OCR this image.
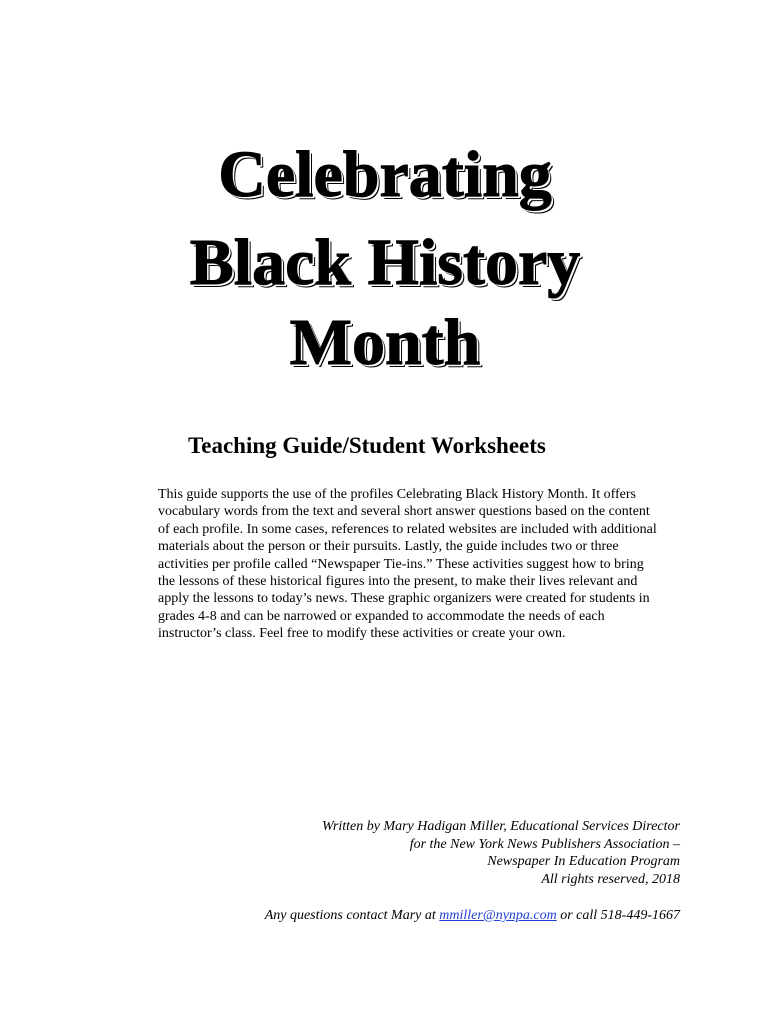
Celebrating
Black History
Month
Teaching Guide/Student Worksheets

This guide supports the use of the profiles Celebrating Black History Month. It offers vocabulary words from the text and several short answer questions based on the content of each profile. In some cases, references to related websites are included with additional materials about the person or their pursuits. Lastly, the guide includes two or three activities per profile called “Newspaper Tie-ins.” These activities suggest how to bring the lessons of these historical figures into the present, to make their lives relevant and apply the lessons to today’s news. These graphic organizers were created for students in grades 4-8 and can be narrowed or expanded to accommodate the needs of each instructor’s class. Feel free to modify these activities or create your own.

Written by Mary Hadigan Miller, Educational Services Director
for the New York News Publishers Association –
Newspaper In Education Program
All rights reserved, 2018
Any questions contact Mary at mmiller@nynpa.com or call 518-449-1667
